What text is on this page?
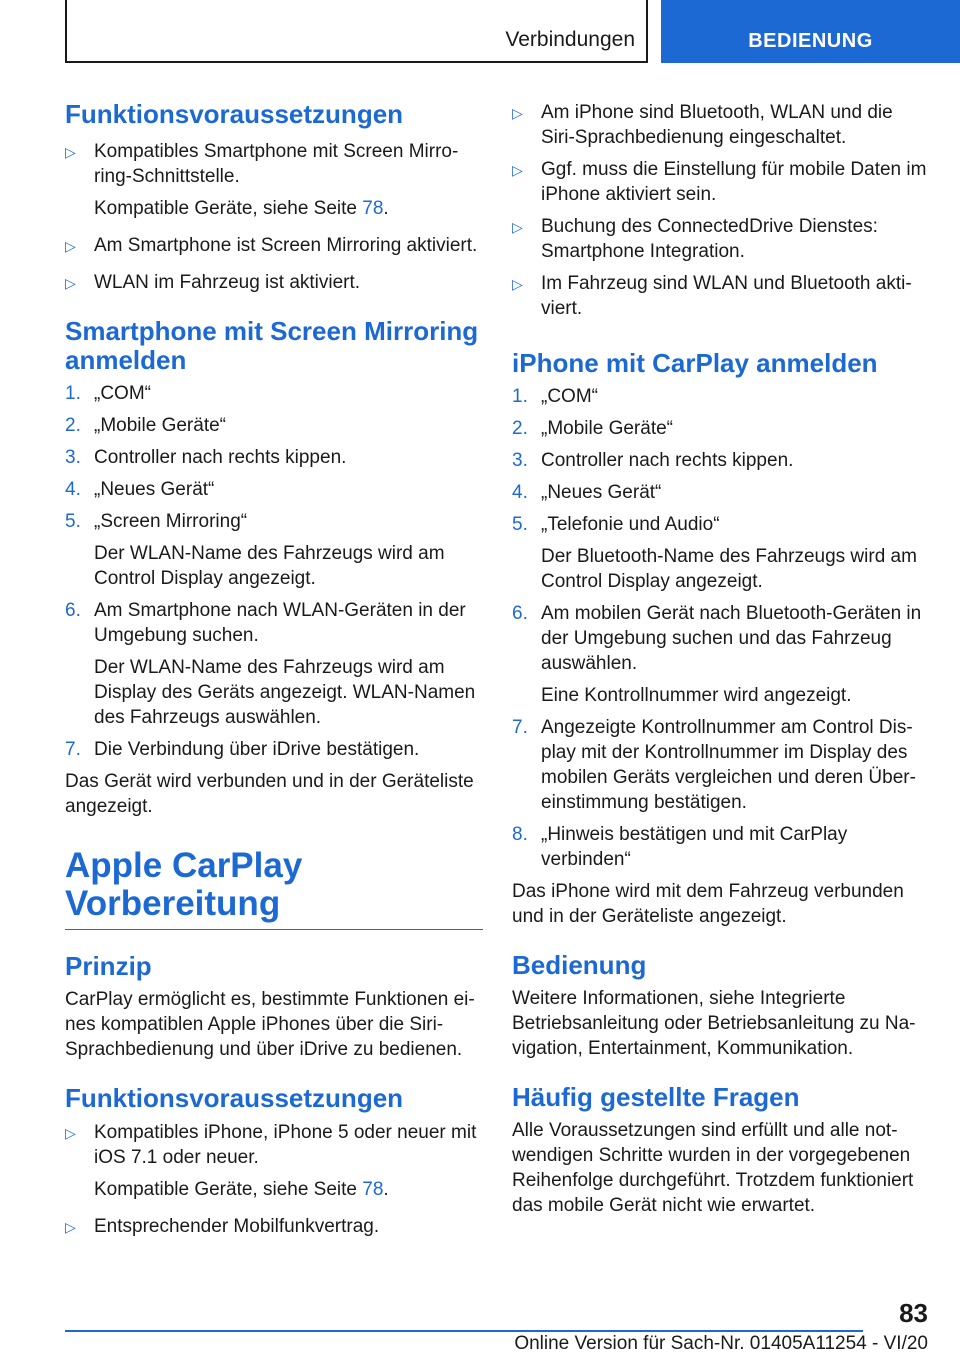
Verbindungen	BEDIENUNG
Funktionsvoraussetzungen
▷ Kompatibles Smartphone mit Screen Mirro-ring-Schnittstelle.
Kompatible Geräte, siehe Seite 78.
▷ Am Smartphone ist Screen Mirroring aktiviert.
▷ WLAN im Fahrzeug ist aktiviert.
Smartphone mit Screen Mirroring anmelden
1. „COM“
2. „Mobile Geräte“
3. Controller nach rechts kippen.
4. „Neues Gerät“
5. „Screen Mirroring“
Der WLAN-Name des Fahrzeugs wird am Control Display angezeigt.
6. Am Smartphone nach WLAN-Geräten in der Umgebung suchen.
Der WLAN-Name des Fahrzeugs wird am Display des Geräts angezeigt. WLAN-Namen des Fahrzeugs auswählen.
7. Die Verbindung über iDrive bestätigen.

Das Gerät wird verbunden und in der Geräteliste angezeigt.

Apple CarPlay Vorbereitung
Prinzip

CarPlay ermöglicht es, bestimmte Funktionen ei-nes kompatiblen Apple iPhones über die Siri-Sprachbedienung und über iDrive zu bedienen.

Funktionsvoraussetzungen
▷ Kompatibles iPhone, iPhone 5 oder neuer mit iOS 7.1 oder neuer.
Kompatible Geräte, siehe Seite 78.
▷ Entsprechender Mobilfunkvertrag.
▷ Am iPhone sind Bluetooth, WLAN und die Siri-Sprachbedienung eingeschaltet.
▷ Ggf. muss die Einstellung für mobile Daten im iPhone aktiviert sein.
▷ Buchung des ConnectedDrive Dienstes: Smartphone Integration.
▷ Im Fahrzeug sind WLAN und Bluetooth akti-viert.
iPhone mit CarPlay anmelden
1. „COM“
2. „Mobile Geräte“
3. Controller nach rechts kippen.
4. „Neues Gerät“
5. „Telefonie und Audio“
Der Bluetooth-Name des Fahrzeugs wird am Control Display angezeigt.
6. Am mobilen Gerät nach Bluetooth-Geräten in der Umgebung suchen und das Fahrzeug auswählen.
Eine Kontrollnummer wird angezeigt.
7. Angezeigte Kontrollnummer am Control Dis-play mit der Kontrollnummer im Display des mobilen Geräts vergleichen und deren Über-einstimmung bestätigen.
8. „Hinweis bestätigen und mit CarPlay verbinden“

Das iPhone wird mit dem Fahrzeug verbunden und in der Geräteliste angezeigt.

Bedienung

Weitere Informationen, siehe Integrierte Betriebsanleitung oder Betriebsanleitung zu Na-vigation, Entertainment, Kommunikation.

Häufig gestellte Fragen

Alle Voraussetzungen sind erfüllt und alle not-wendigen Schritte wurden in der vorgegebenen Reihenfolge durchgeführt. Trotzdem funktioniert das mobile Gerät nicht wie erwartet.

83
Online Version für Sach-Nr. 01405A11254 - VI/20
